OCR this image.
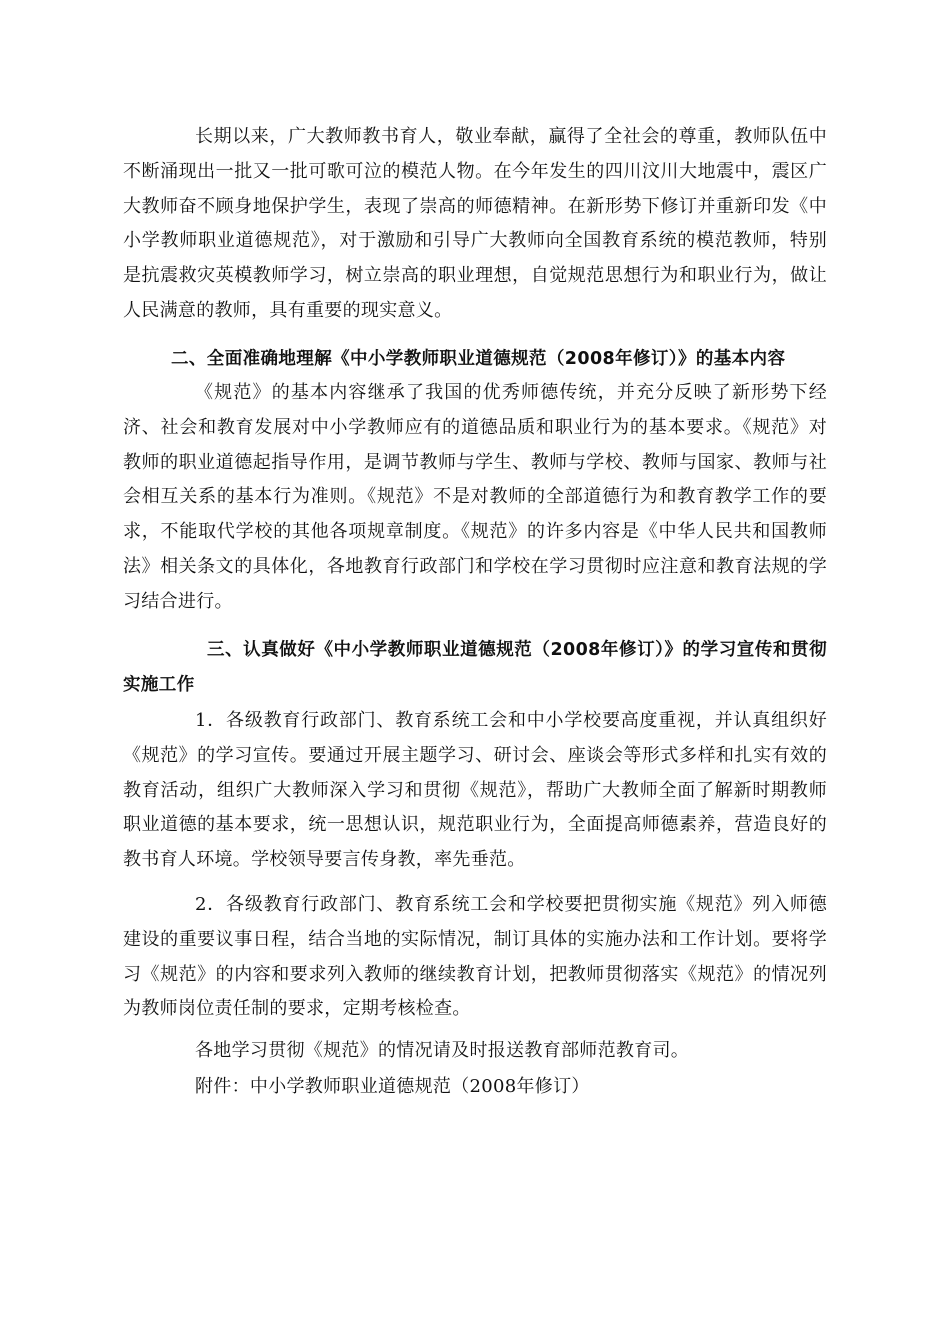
长期以来，广大教师教书育人，敬业奉献，赢得了全社会的尊重，教师队伍中不断涌现出一批又一批可歌可泣的模范人物。在今年发生的四川汶川大地震中，震区广大教师奋不顾身地保护学生，表现了崇高的师德精神。在新形势下修订并重新印发《中小学教师职业道德规范》，对于激励和引导广大教师向全国教育系统的模范教师，特别是抗震救灾英模教师学习，树立崇高的职业理想，自觉规范思想行为和职业行为，做让人民满意的教师，具有重要的现实意义。

二、全面准确地理解《中小学教师职业道德规范（2008年修订）》的基本内容

《规范》的基本内容继承了我国的优秀师德传统，并充分反映了新形势下经济、社会和教育发展对中小学教师应有的道德品质和职业行为的基本要求。《规范》对教师的职业道德起指导作用，是调节教师与学生、教师与学校、教师与国家、教师与社会相互关系的基本行为准则。《规范》不是对教师的全部道德行为和教育教学工作的要求，不能取代学校的其他各项规章制度。《规范》的许多内容是《中华人民共和国教师法》相关条文的具体化，各地教育行政部门和学校在学习贯彻时应注意和教育法规的学习结合进行。

三、认真做好《中小学教师职业道德规范（2008年修订）》的学习宣传和贯彻实施工作

1．各级教育行政部门、教育系统工会和中小学校要高度重视，并认真组织好《规范》的学习宣传。要通过开展主题学习、研讨会、座谈会等形式多样和扎实有效的教育活动，组织广大教师深入学习和贯彻《规范》，帮助广大教师全面了解新时期教师职业道德的基本要求，统一思想认识，规范职业行为，全面提高师德素养，营造良好的教书育人环境。学校领导要言传身教，率先垂范。

2．各级教育行政部门、教育系统工会和学校要把贯彻实施《规范》列入师德建设的重要议事日程，结合当地的实际情况，制订具体的实施办法和工作计划。要将学习《规范》的内容和要求列入教师的继续教育计划，把教师贯彻落实《规范》的情况列为教师岗位责任制的要求，定期考核检查。

各地学习贯彻《规范》的情况请及时报送教育部师范教育司。

附件：中小学教师职业道德规范（2008年修订）
